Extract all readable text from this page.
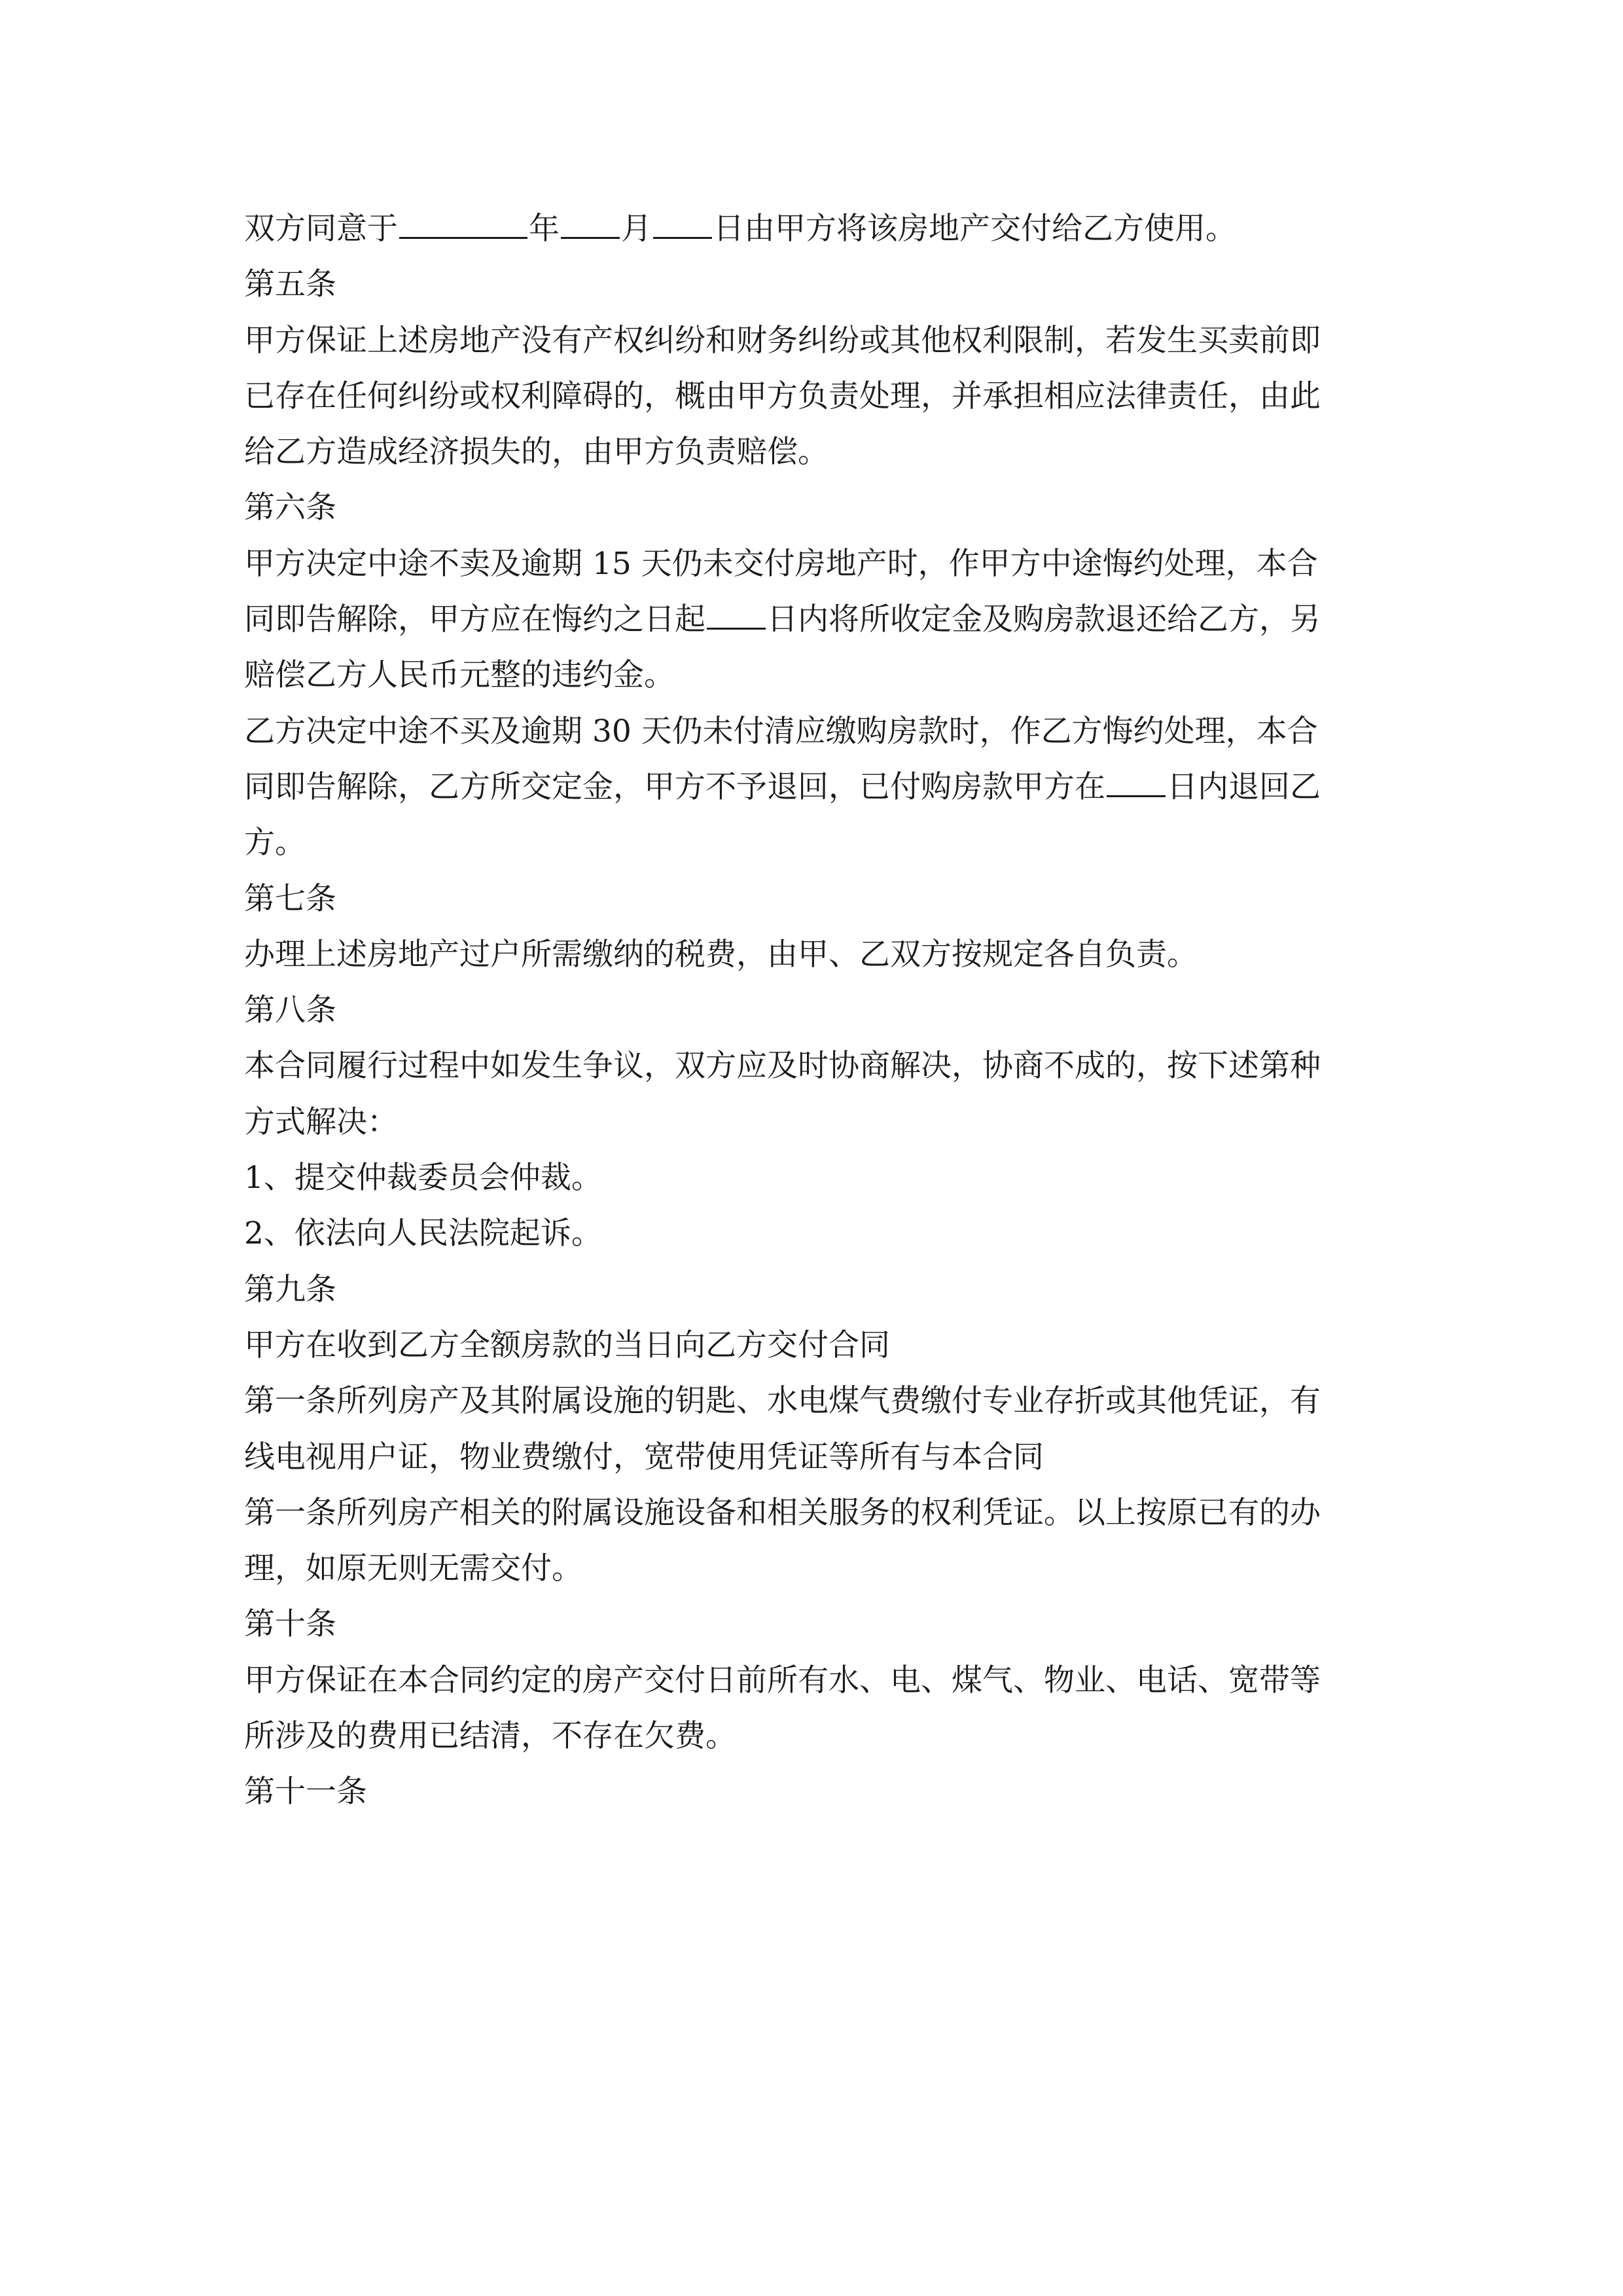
双方同意于	年 月 日由甲方将该房地产交付给乙方使用。

第五条

甲方保证上述房地产没有产权纠纷和财务纠纷或其他权利限制，若发生买卖前即

已存在任何纠纷或权利障碍的，概由甲方负责处理，并承担相应法律责任，由此

给乙方造成经济损失的，由甲方负责赔偿。

第六条

甲方决定中途不卖及逾期 15 天仍未交付房地产时，作甲方中途悔约处理，本合

同即告解除，甲方应在悔约之日起 日内将所收定金及购房款退还给乙方，另

赔偿乙方人民币元整的违约金。

乙方决定中途不买及逾期 30 天仍未付清应缴购房款时，作乙方悔约处理，本合

同即告解除，乙方所交定金，甲方不予退回，已付购房款甲方在 日内退回乙

方。

第七条

办理上述房地产过户所需缴纳的税费，由甲、乙双方按规定各自负责。

第八条

本合同履行过程中如发生争议，双方应及时协商解决，协商不成的，按下述第种

方式解决：

1、提交仲裁委员会仲裁。

2、依法向人民法院起诉。

第九条

甲方在收到乙方全额房款的当日向乙方交付合同

第一条所列房产及其附属设施的钥匙、水电煤气费缴付专业存折或其他凭证，有

线电视用户证，物业费缴付，宽带使用凭证等所有与本合同

第一条所列房产相关的附属设施设备和相关服务的权利凭证。以上按原已有的办

理，如原无则无需交付。

第十条

甲方保证在本合同约定的房产交付日前所有水、电、煤气、物业、电话、宽带等

所涉及的费用已结清，不存在欠费。

第十一条
